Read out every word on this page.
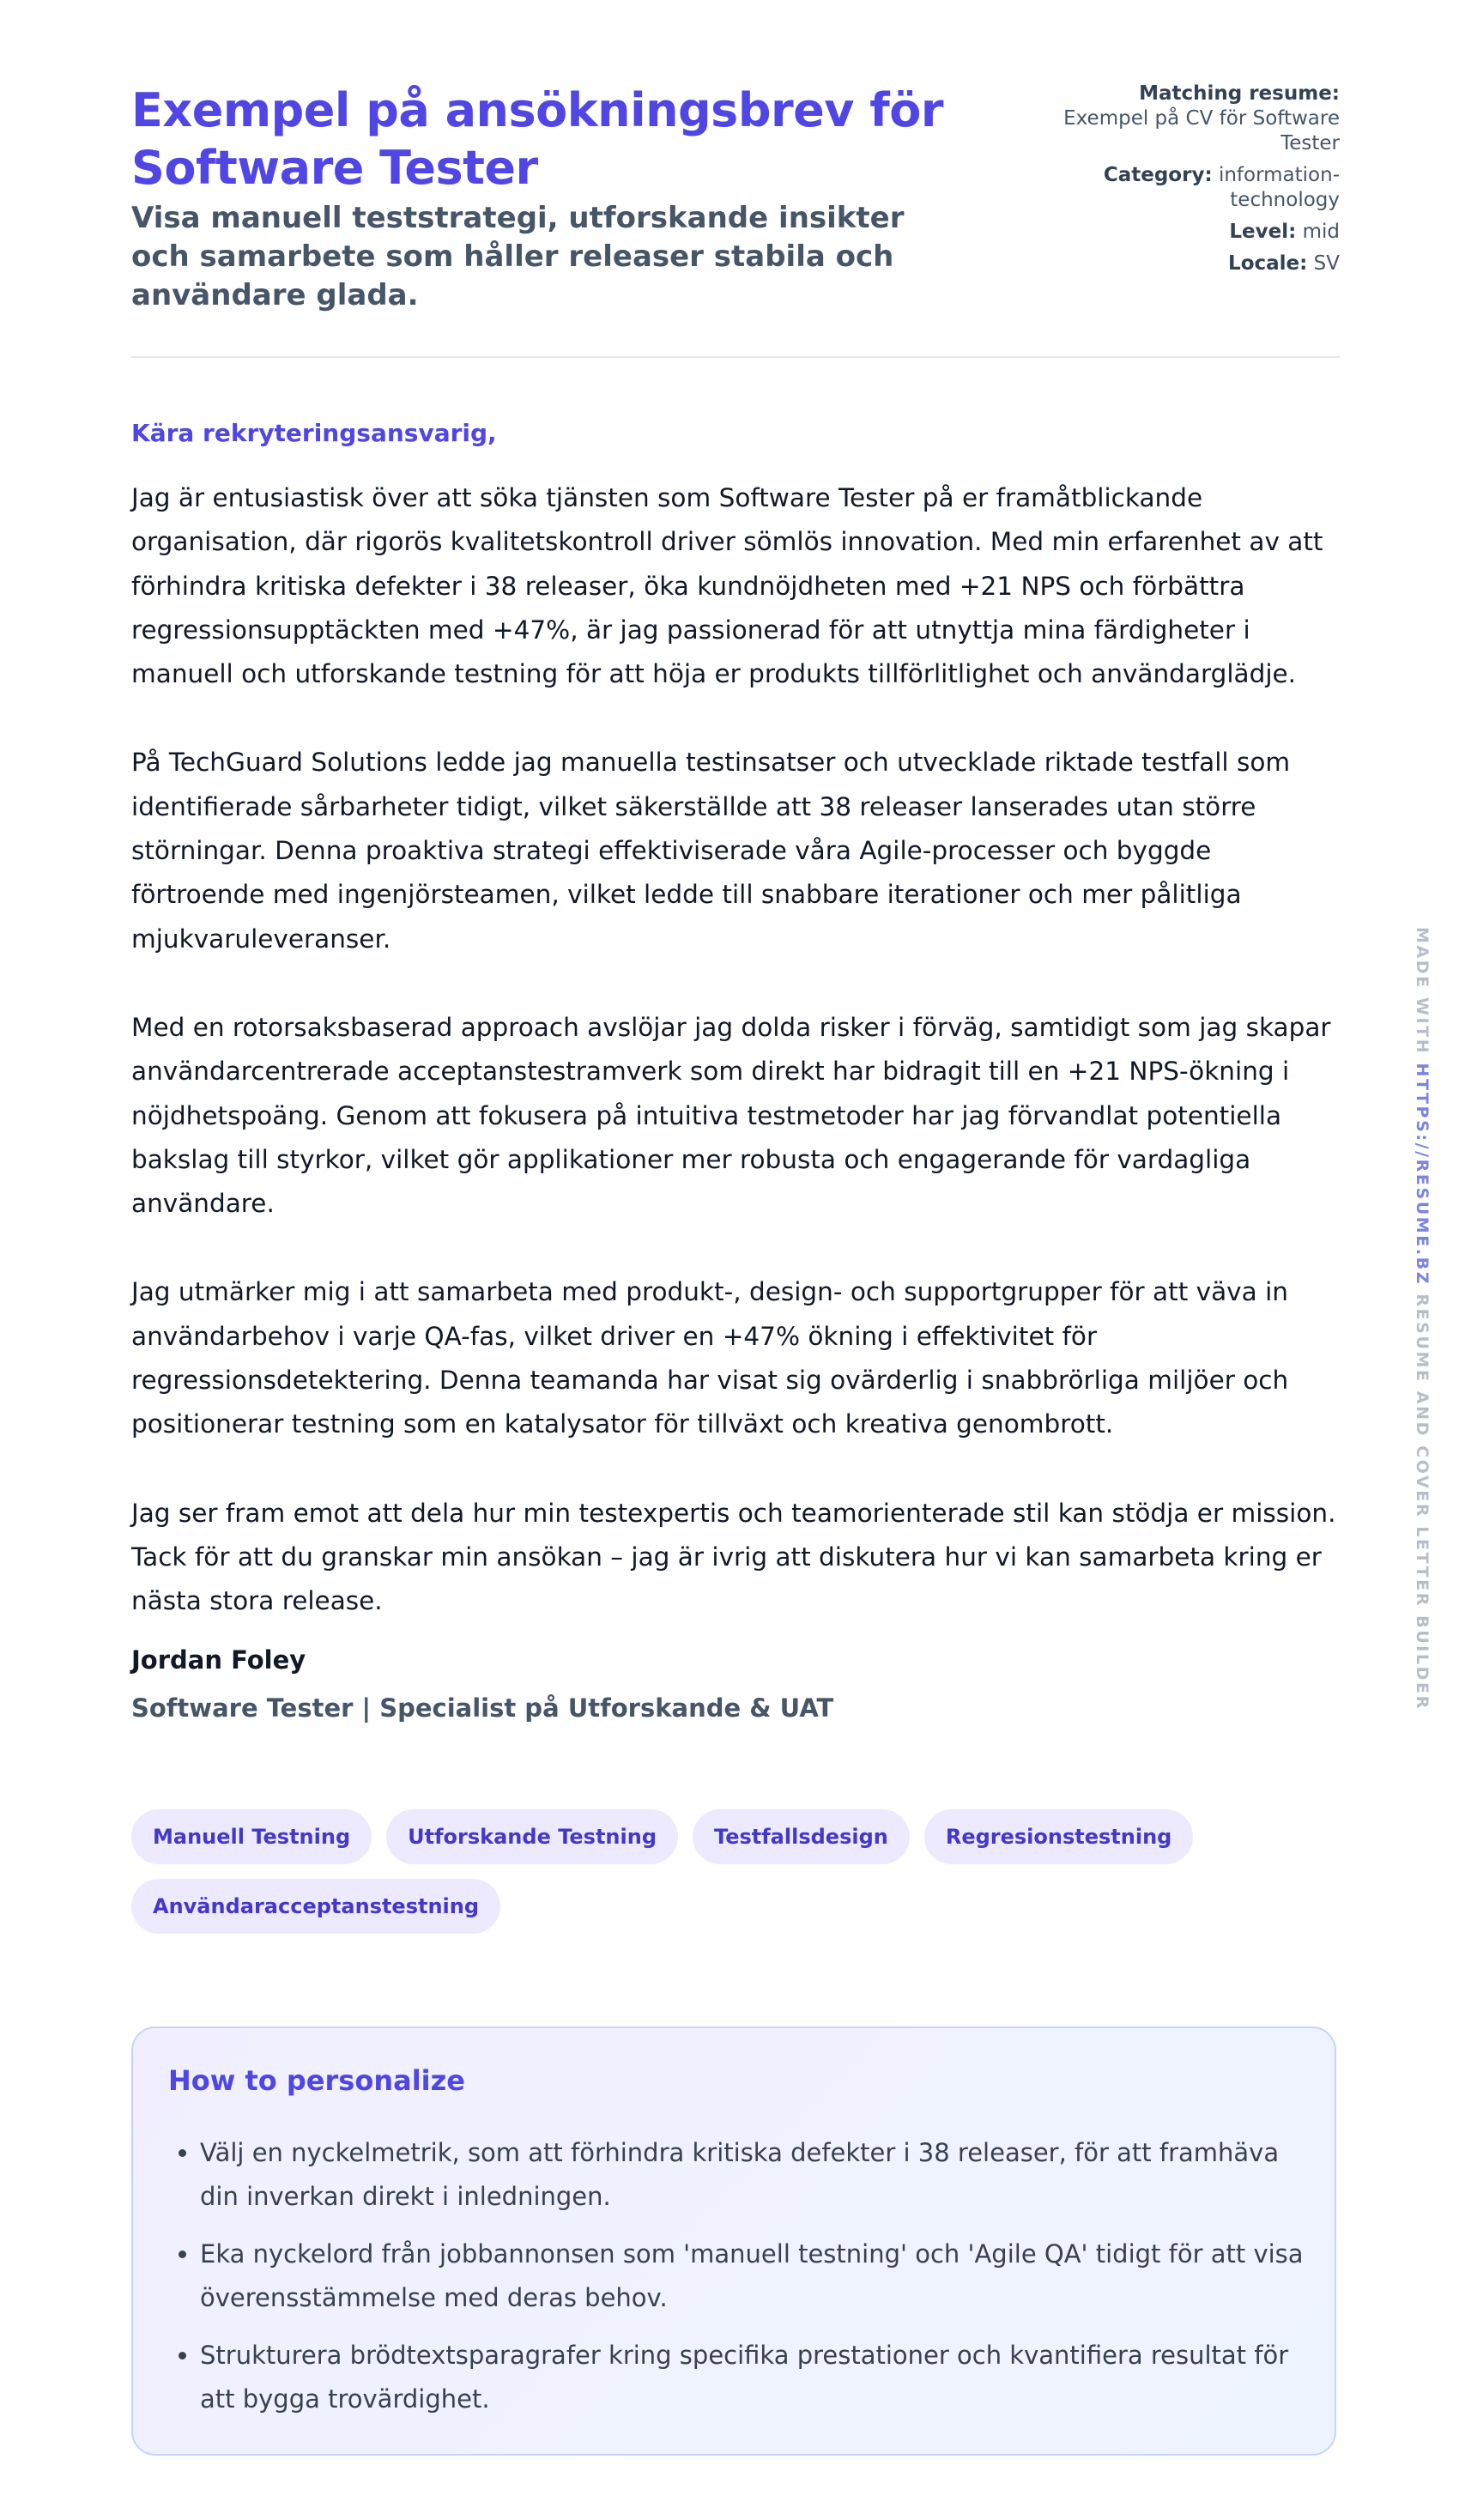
Exempel på ansökningsbrev för Software Tester
Visa manuell teststrategi, utforskande insikter och samarbete som håller releaser stabila och användare glada.
Matching resume: Exempel på CV för Software Tester
Category: information-technology
Level: mid
Locale: SV
Kära rekryteringsansvarig,

Jag är entusiastisk över att söka tjänsten som Software Tester på er framåtblickande organisation, där rigorös kvalitetskontroll driver sömlös innovation. Med min erfarenhet av att förhindra kritiska defekter i 38 releaser, öka kundnöjdheten med +21 NPS och förbättra regressionsupptäckten med +47%, är jag passionerad för att utnyttja mina färdigheter i manuell och utforskande testning för att höja er produkts tillförlitlighet och användarglädje.

På TechGuard Solutions ledde jag manuella testinsatser och utvecklade riktade testfall som identifierade sårbarheter tidigt, vilket säkerställde att 38 releaser lanserades utan större störningar. Denna proaktiva strategi effektiviserade våra Agile-processer och byggde förtroende med ingenjörsteamen, vilket ledde till snabbare iterationer och mer pålitliga mjukvaruleveranser.

Med en rotorsaksbaserad approach avslöjar jag dolda risker i förväg, samtidigt som jag skapar användarcentrerade acceptanstestramverk som direkt har bidragit till en +21 NPS-ökning i nöjdhetspoäng. Genom att fokusera på intuitiva testmetoder har jag förvandlat potentiella bakslag till styrkor, vilket gör applikationer mer robusta och engagerande för vardagliga användare.

Jag utmärker mig i att samarbeta med produkt-, design- och supportgrupper för att väva in användarbehov i varje QA-fas, vilket driver en +47% ökning i effektivitet för regressionsdetektering. Denna teamanda har visat sig ovärderlig i snabbrörliga miljöer och positionerar testning som en katalysator för tillväxt och kreativa genombrott.

Jag ser fram emot att dela hur min testexpertis och teamorienterade stil kan stödja er mission. Tack för att du granskar min ansökan – jag är ivrig att diskutera hur vi kan samarbeta kring er nästa stora release.

Jordan Foley
Software Tester | Specialist på Utforskande & UAT
Manuell Testning	Utforskande Testning	Testfallsdesign	Regresionstestning
Användaracceptanstestning
How to personalize
• Välj en nyckelmetrik, som att förhindra kritiska defekter i 38 releaser, för att framhäva din inverkan direkt i inledningen.
• Eka nyckelord från jobbannonsen som 'manuell testning' och 'Agile QA' tidigt för att visa överensstämmelse med deras behov.
• Strukturera brödtextsparagrafer kring specifika prestationer och kvantifiera resultat för att bygga trovärdighet.
MADE WITH HTTPS://RESUME.BZ RESUME AND COVER LETTER BUILDER
